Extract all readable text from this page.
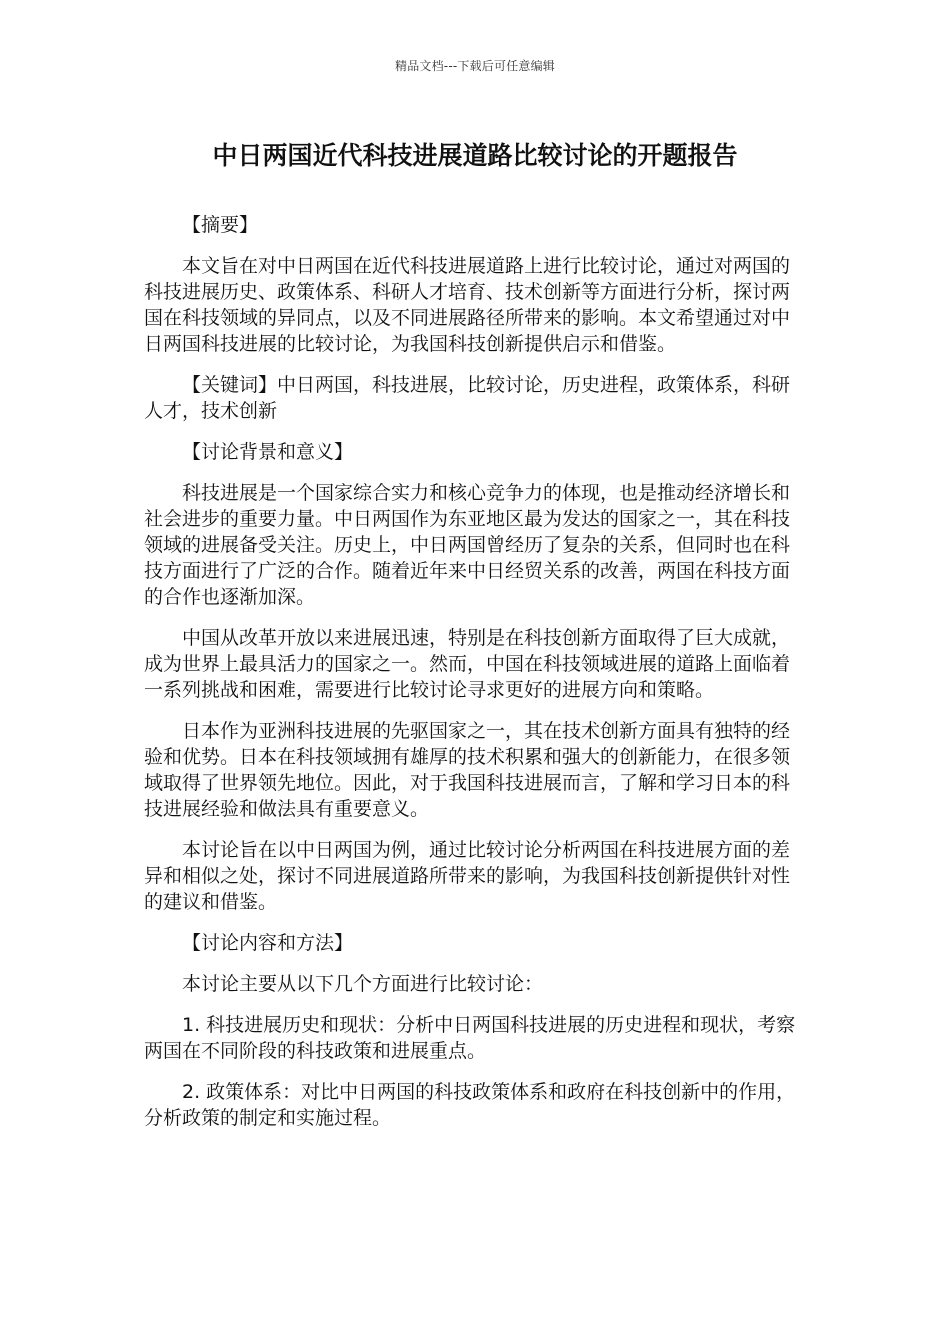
精品文档---下载后可任意编辑
中日两国近代科技进展道路比较讨论的开题报告

【摘要】

本文旨在对中日两国在近代科技进展道路上进行比较讨论，通过对两国的科技进展历史、政策体系、科研人才培育、技术创新等方面进行分析，探讨两国在科技领域的异同点，以及不同进展路径所带来的影响。本文希望通过对中日两国科技进展的比较讨论，为我国科技创新提供启示和借鉴。

【关键词】中日两国，科技进展，比较讨论，历史进程，政策体系，科研人才，技术创新

【讨论背景和意义】

科技进展是一个国家综合实力和核心竞争力的体现，也是推动经济增长和社会进步的重要力量。中日两国作为东亚地区最为发达的国家之一，其在科技领域的进展备受关注。历史上，中日两国曾经历了复杂的关系，但同时也在科技方面进行了广泛的合作。随着近年来中日经贸关系的改善，两国在科技方面的合作也逐渐加深。

中国从改革开放以来进展迅速，特别是在科技创新方面取得了巨大成就，成为世界上最具活力的国家之一。然而，中国在科技领域进展的道路上面临着一系列挑战和困难，需要进行比较讨论寻求更好的进展方向和策略。

日本作为亚洲科技进展的先驱国家之一，其在技术创新方面具有独特的经验和优势。日本在科技领域拥有雄厚的技术积累和强大的创新能力，在很多领域取得了世界领先地位。因此，对于我国科技进展而言，了解和学习日本的科技进展经验和做法具有重要意义。

本讨论旨在以中日两国为例，通过比较讨论分析两国在科技进展方面的差异和相似之处，探讨不同进展道路所带来的影响，为我国科技创新提供针对性的建议和借鉴。

【讨论内容和方法】

本讨论主要从以下几个方面进行比较讨论：

1. 科技进展历史和现状：分析中日两国科技进展的历史进程和现状，考察两国在不同阶段的科技政策和进展重点。

2. 政策体系：对比中日两国的科技政策体系和政府在科技创新中的作用，分析政策的制定和实施过程。
